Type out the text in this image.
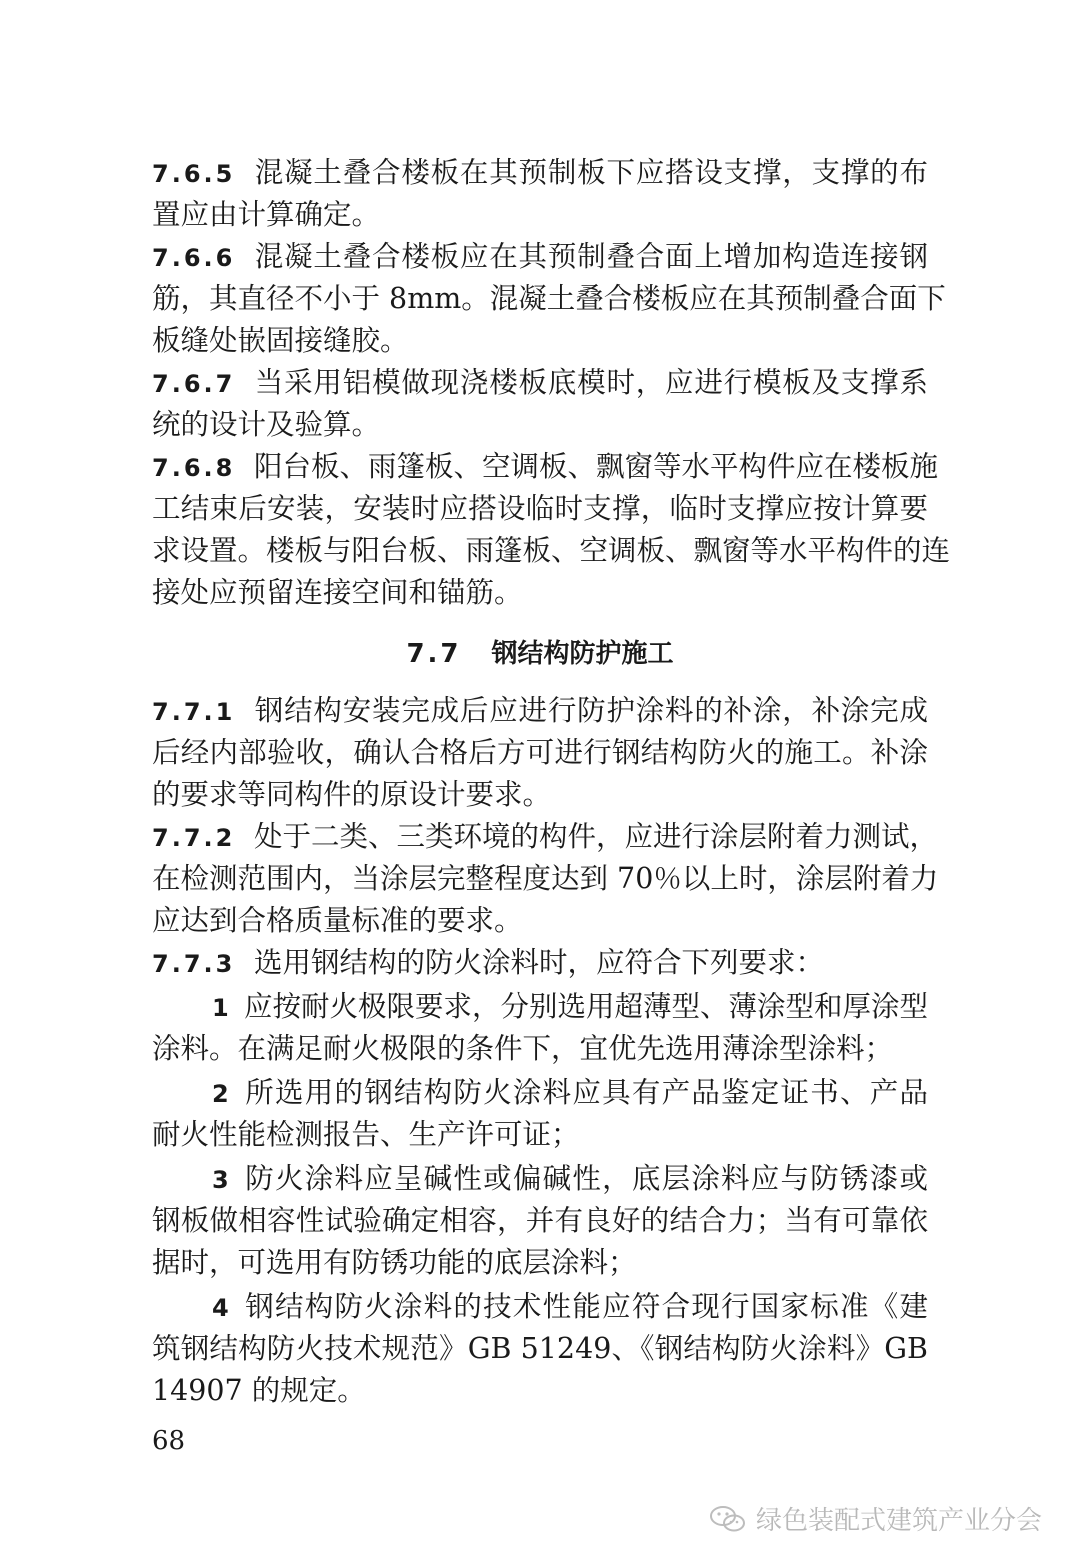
7.6.5 混凝土叠合楼板在其预制板下应搭设支撑，支撑的布
置应由计算确定。
7.6.6 混凝土叠合楼板应在其预制叠合面上增加构造连接钢
筋，其直径不小于 8mm。混凝土叠合楼板应在其预制叠合面下
板缝处嵌固接缝胶。
7.6.7 当采用铝模做现浇楼板底模时，应进行模板及支撑系
统的设计及验算。
7.6.8 阳台板、雨篷板、空调板、飘窗等水平构件应在楼板施
工结束后安装，安装时应搭设临时支撑，临时支撑应按计算要
求设置。楼板与阳台板、雨篷板、空调板、飘窗等水平构件的连
接处应预留连接空间和锚筋。
7.7 钢结构防护施工
7.7.1 钢结构安装完成后应进行防护涂料的补涂，补涂完成
后经内部验收，确认合格后方可进行钢结构防火的施工。补涂
的要求等同构件的原设计要求。
7.7.2 处于二类、三类环境的构件，应进行涂层附着力测试，
在检测范围内，当涂层完整程度达到 70％以上时，涂层附着力
应达到合格质量标准的要求。
7.7.3 选用钢结构的防火涂料时，应符合下列要求：
1 应按耐火极限要求，分别选用超薄型、薄涂型和厚涂型
涂料。在满足耐火极限的条件下，宜优先选用薄涂型涂料；
2 所选用的钢结构防火涂料应具有产品鉴定证书、产品
耐火性能检测报告、生产许可证；
3 防火涂料应呈碱性或偏碱性，底层涂料应与防锈漆或
钢板做相容性试验确定相容，并有良好的结合力；当有可靠依
据时，可选用有防锈功能的底层涂料；
4 钢结构防火涂料的技术性能应符合现行国家标准《建
筑钢结构防火技术规范》GB 51249、《钢结构防火涂料》GB
14907 的规定。
68
绿色装配式建筑产业分会
